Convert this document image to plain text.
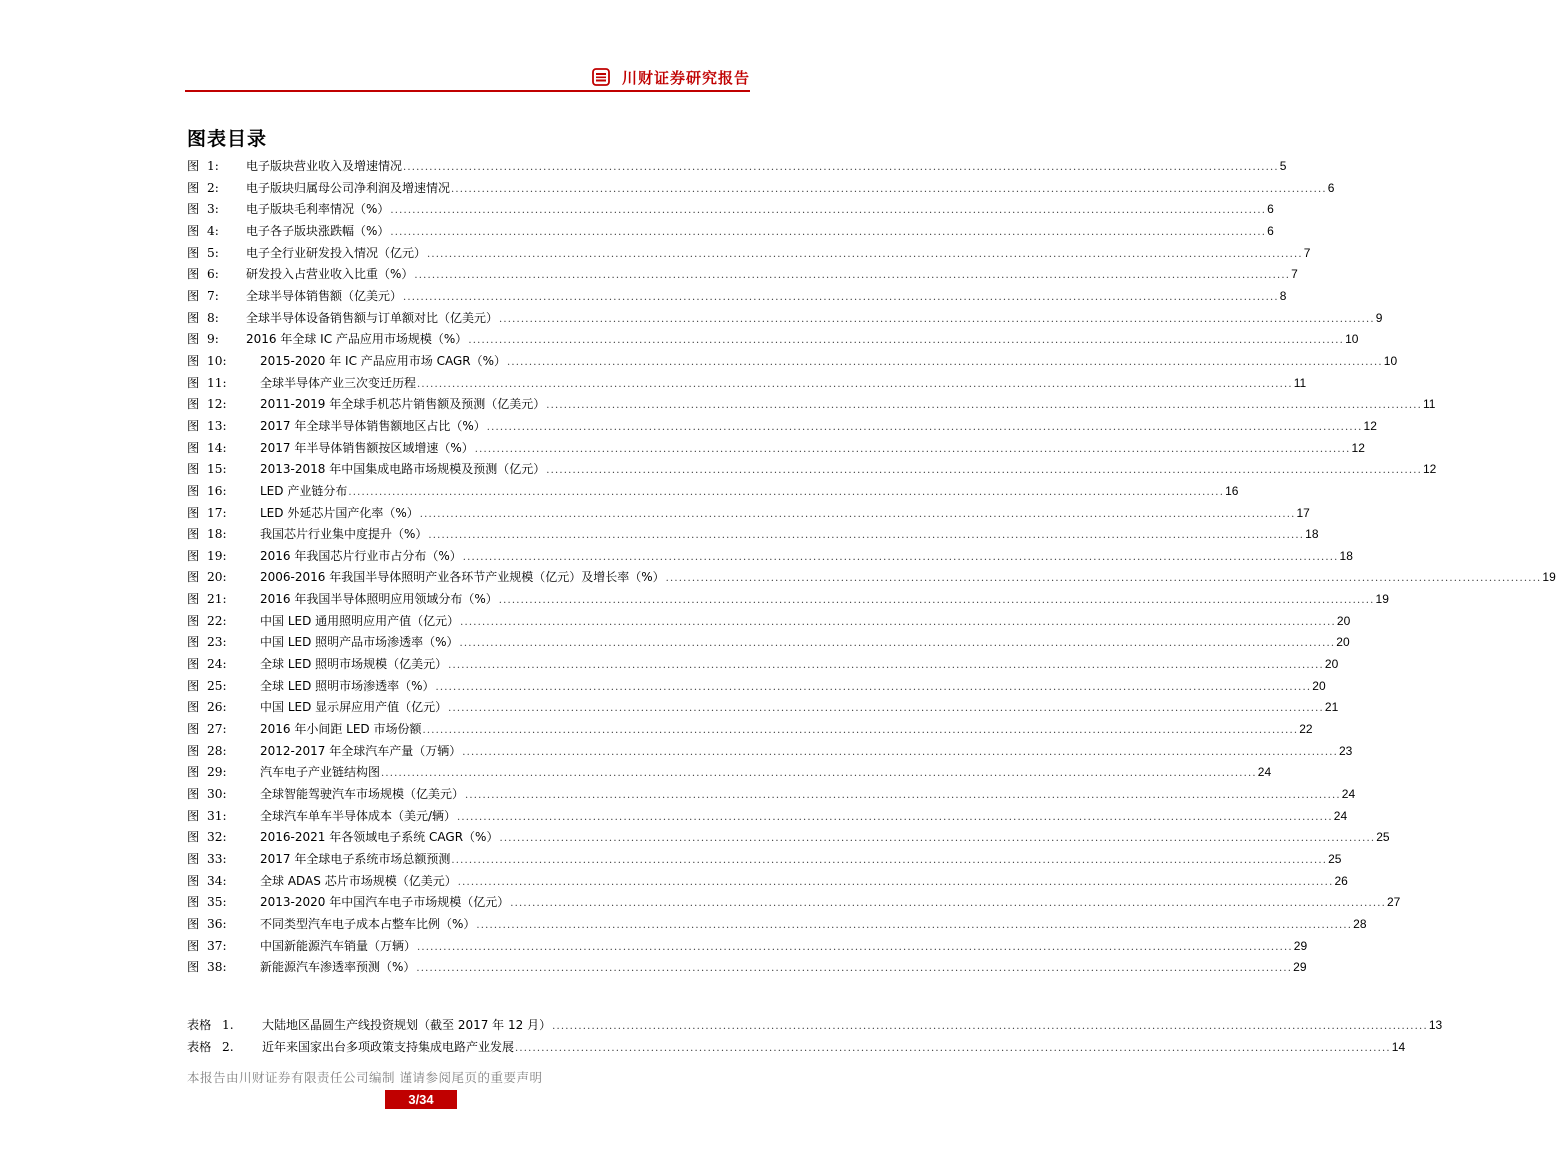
川财证券研究报告
图表目录
图 1: 电子版块营业收入及增速情况 ........................................................................................................................................................................................................ 5
图 2: 电子版块归属母公司净利润及增速情况 ........................................................................................................................................................................................................ 6
图 3: 电子版块毛利率情况（%） ........................................................................................................................................................................................................ 6
图 4: 电子各子版块涨跌幅（%） ........................................................................................................................................................................................................ 6
图 5: 电子全行业研发投入情况（亿元） ........................................................................................................................................................................................................ 7
图 6: 研发投入占营业收入比重（%） ........................................................................................................................................................................................................ 7
图 7: 全球半导体销售额（亿美元） ........................................................................................................................................................................................................ 8
图 8: 全球半导体设备销售额与订单额对比（亿美元） ........................................................................................................................................................................................................ 9
图 9: 2016 年全球 IC 产品应用市场规模（%） ........................................................................................................................................................................................................ 10
图 10:	2015-2020 年 IC 产品应用市场 CAGR（%） ........................................................................................................................................................................................................ 10
图 11:	全球半导体产业三次变迁历程 ........................................................................................................................................................................................................ 11
图 12:	2011-2019 年全球手机芯片销售额及预测（亿美元） ........................................................................................................................................................................................................ 11
图 13:	2017 年全球半导体销售额地区占比（%） ........................................................................................................................................................................................................ 12
图 14:	2017 年半导体销售额按区域增速（%） ........................................................................................................................................................................................................ 12
图 15:	2013-2018 年中国集成电路市场规模及预测（亿元） ........................................................................................................................................................................................................ 12
图 16:	LED 产业链分布 ........................................................................................................................................................................................................ 16
图 17:	LED 外延芯片国产化率（%） ........................................................................................................................................................................................................ 17
图 18:	我国芯片行业集中度提升（%） ........................................................................................................................................................................................................ 18
图 19:	2016 年我国芯片行业市占分布（%） ........................................................................................................................................................................................................ 18
图 20:	2006-2016 年我国半导体照明产业各环节产业规模（亿元）及增长率（%） ........................................................................................................................................................................................................ 19
图 21:	2016 年我国半导体照明应用领域分布（%） ........................................................................................................................................................................................................ 19
图 22:	中国 LED 通用照明应用产值（亿元） ........................................................................................................................................................................................................ 20
图 23:	中国 LED 照明产品市场渗透率（%） ........................................................................................................................................................................................................ 20
图 24:	全球 LED 照明市场规模（亿美元） ........................................................................................................................................................................................................ 20
图 25:	全球 LED 照明市场渗透率（%） ........................................................................................................................................................................................................ 20
图 26:	中国 LED 显示屏应用产值（亿元） ........................................................................................................................................................................................................ 21
图 27:	2016 年小间距 LED 市场份额 ........................................................................................................................................................................................................ 22
图 28:	2012-2017 年全球汽车产量（万辆） ........................................................................................................................................................................................................ 23
图 29:	汽车电子产业链结构图 ........................................................................................................................................................................................................ 24
图 30:	全球智能驾驶汽车市场规模（亿美元） ........................................................................................................................................................................................................ 24
图 31:	全球汽车单车半导体成本（美元/辆） ........................................................................................................................................................................................................ 24
图 32:	2016-2021 年各领域电子系统 CAGR（%） ........................................................................................................................................................................................................ 25
图 33:	2017 年全球电子系统市场总额预测 ........................................................................................................................................................................................................ 25
图 34:	全球 ADAS 芯片市场规模（亿美元） ........................................................................................................................................................................................................ 26
图 35:	2013-2020 年中国汽车电子市场规模（亿元） ........................................................................................................................................................................................................ 27
图 36:	不同类型汽车电子成本占整车比例（%） ........................................................................................................................................................................................................ 28
图 37:	中国新能源汽车销量（万辆） ........................................................................................................................................................................................................ 29
图 38:	新能源汽车渗透率预测（%） ........................................................................................................................................................................................................ 29
表格 1. 大陆地区晶圆生产线投资规划（截至 2017 年 12 月） ........................................................................................................................................................................................................ 13
表格 2. 近年来国家出台多项政策支持集成电路产业发展 ........................................................................................................................................................................................................ 14
本报告由川财证券有限责任公司编制 谨请参阅尾页的重要声明
3/34
